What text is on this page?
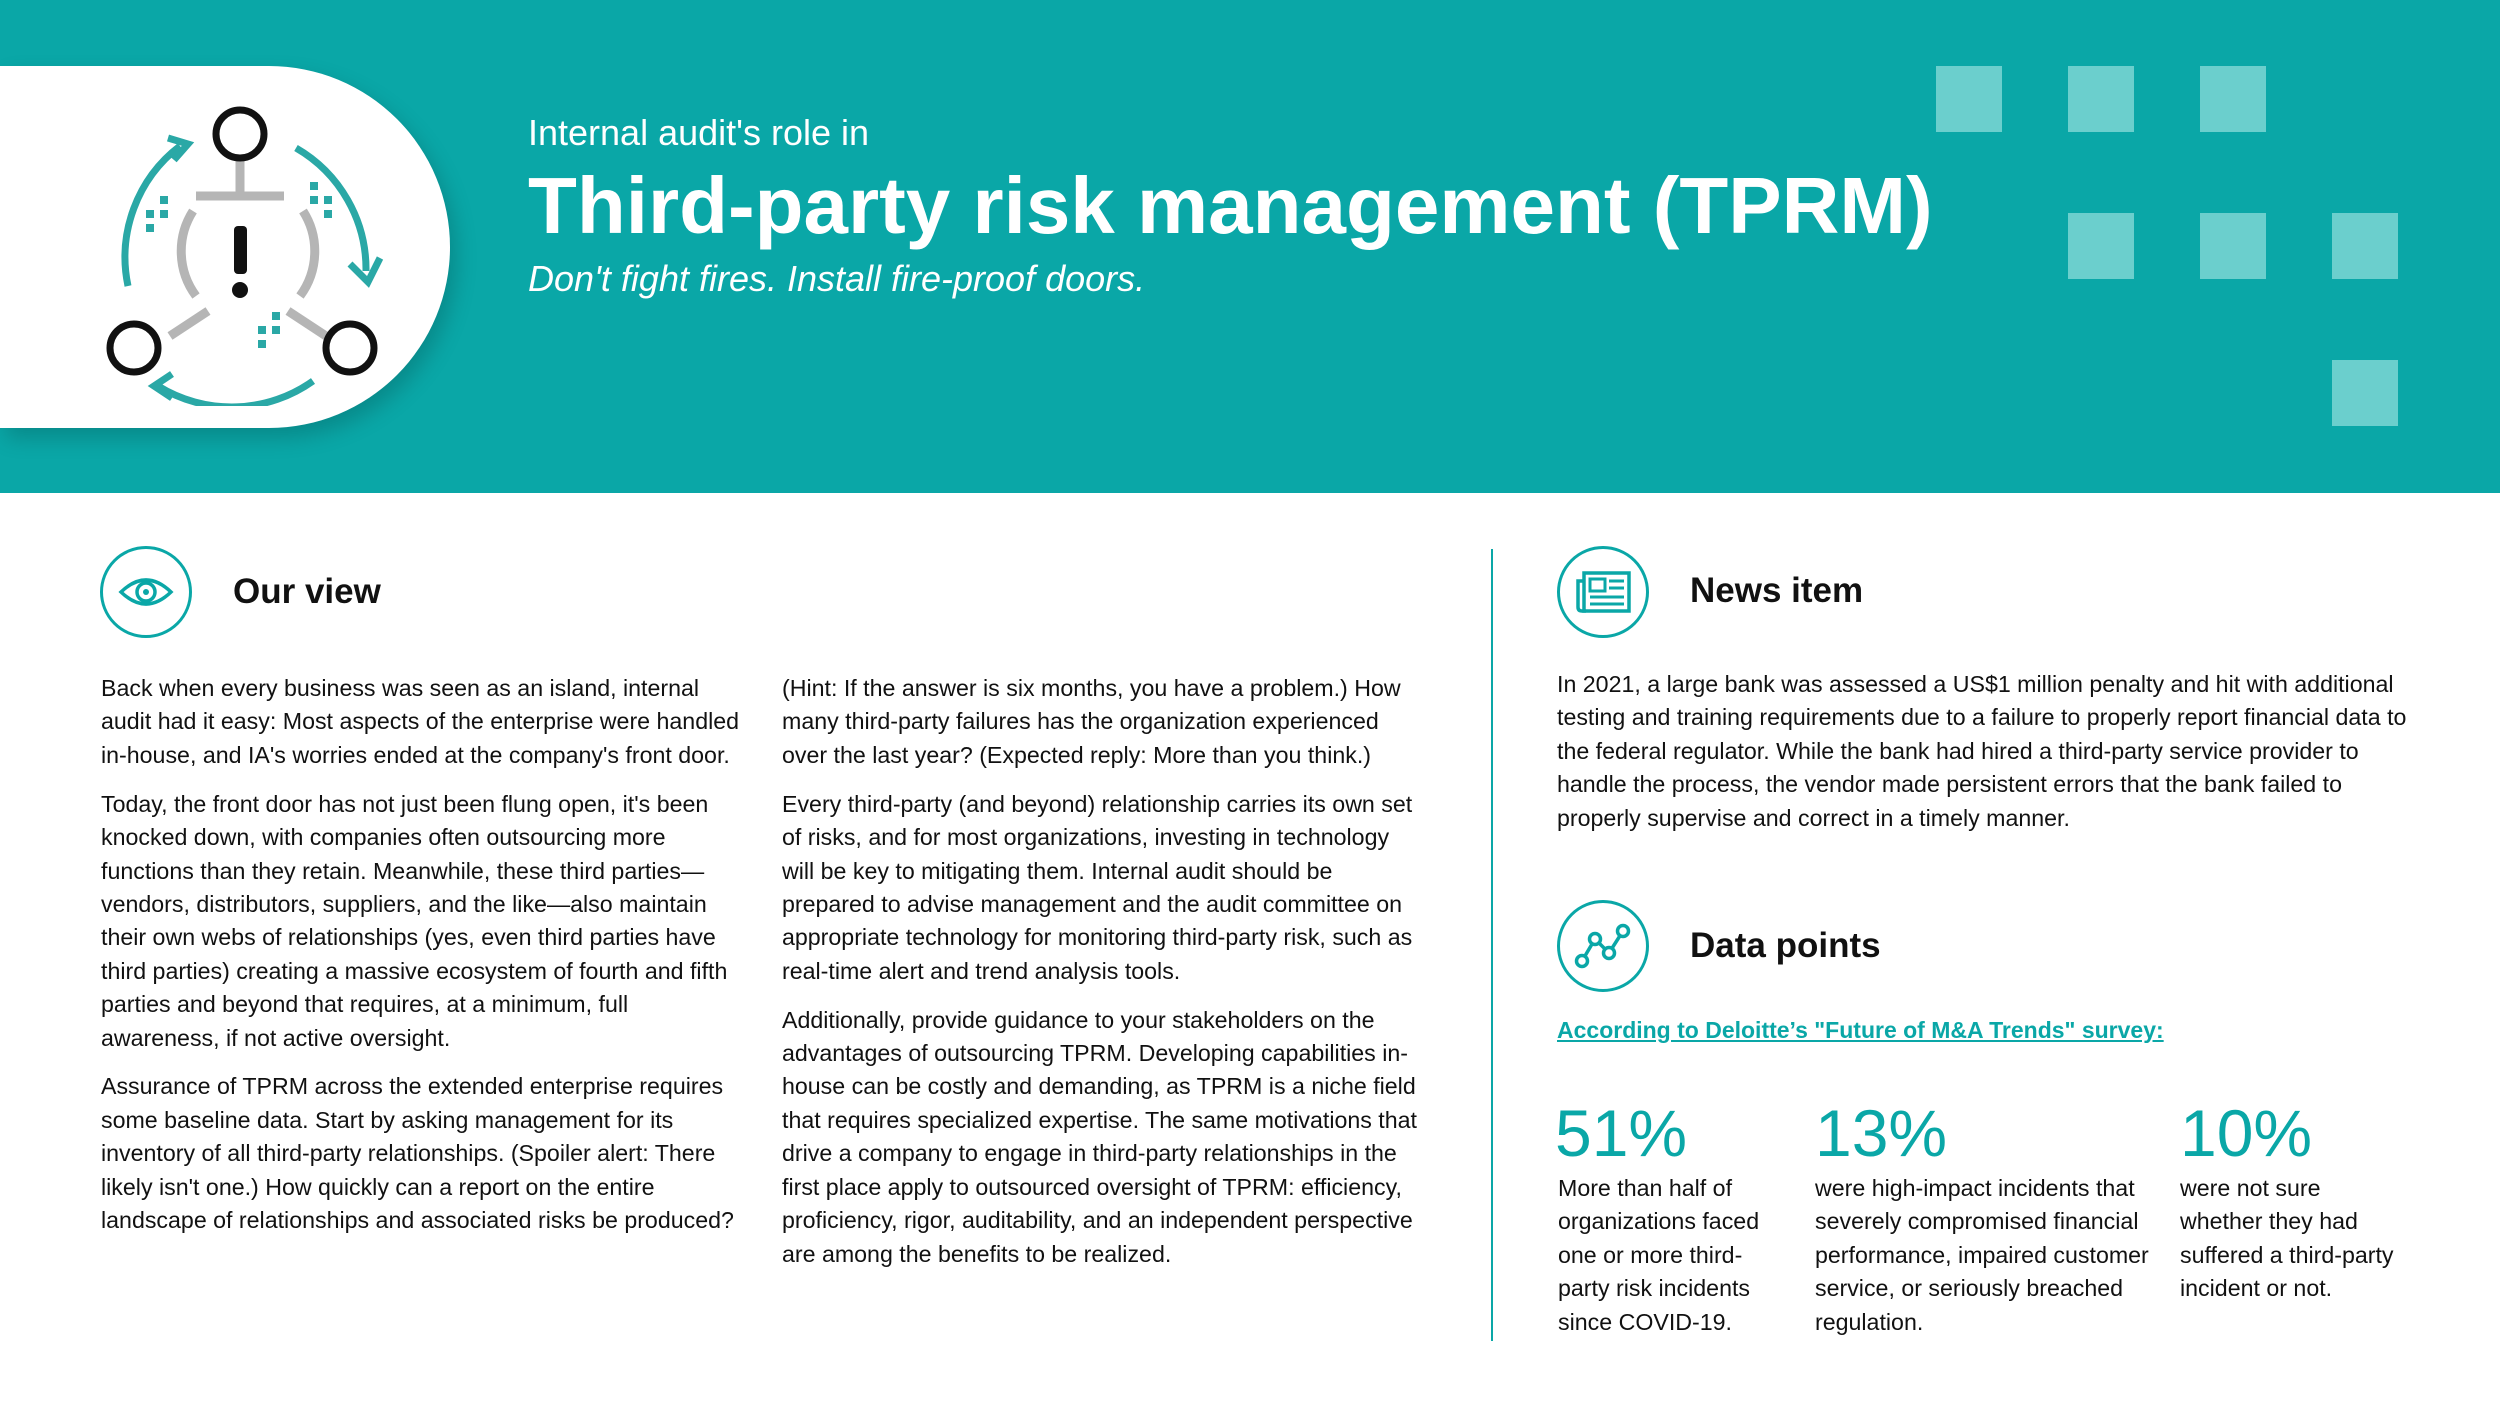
Internal audit's role in
Third-party risk management (TPRM)
Don't fight fires. Install fire-proof doors.
Our view

Back when every business was seen as an island, internal audit had it easy: Most aspects of the enterprise were handled in-house, and IA's worries ended at the company's front door.

Today, the front door has not just been flung open, it's been knocked down, with companies often outsourcing more functions than they retain. Meanwhile, these third parties—vendors, distributors, suppliers, and the like—also maintain their own webs of relationships (yes, even third parties have third parties) creating a massive ecosystem of fourth and fifth parties and beyond that requires, at a minimum, full awareness, if not active oversight.

Assurance of TPRM across the extended enterprise requires some baseline data. Start by asking management for its inventory of all third-party relationships. (Spoiler alert: There likely isn't one.) How quickly can a report on the entire landscape of relationships and associated risks be produced?

(Hint: If the answer is six months, you have a problem.) How many third-party failures has the organization experienced over the last year? (Expected reply: More than you think.)

Every third-party (and beyond) relationship carries its own set of risks, and for most organizations, investing in technology will be key to mitigating them. Internal audit should be prepared to advise management and the audit committee on appropriate technology for monitoring third-party risk, such as real-time alert and trend analysis tools.

Additionally, provide guidance to your stakeholders on the advantages of outsourcing TPRM. Developing capabilities in-house can be costly and demanding, as TPRM is a niche field that requires specialized expertise. The same motivations that drive a company to engage in third-party relationships in the first place apply to outsourced oversight of TPRM: efficiency, proficiency, rigor, auditability, and an independent perspective are among the benefits to be realized.

News item
In 2021, a large bank was assessed a US$1 million penalty and hit with additional testing and training requirements due to a failure to properly report financial data to the federal regulator. While the bank had hired a third-party service provider to handle the process, the vendor made persistent errors that the bank failed to properly supervise and correct in a timely manner.
Data points
According to Deloitte’s "Future of M&A Trends" survey:
51%
More than half of organizations faced one or more third-party risk incidents since COVID-19.
13%
were high-impact incidents that severely compromised financial performance, impaired customer service, or seriously breached regulation.
10%
were not sure whether they had suffered a third-party incident or not.
